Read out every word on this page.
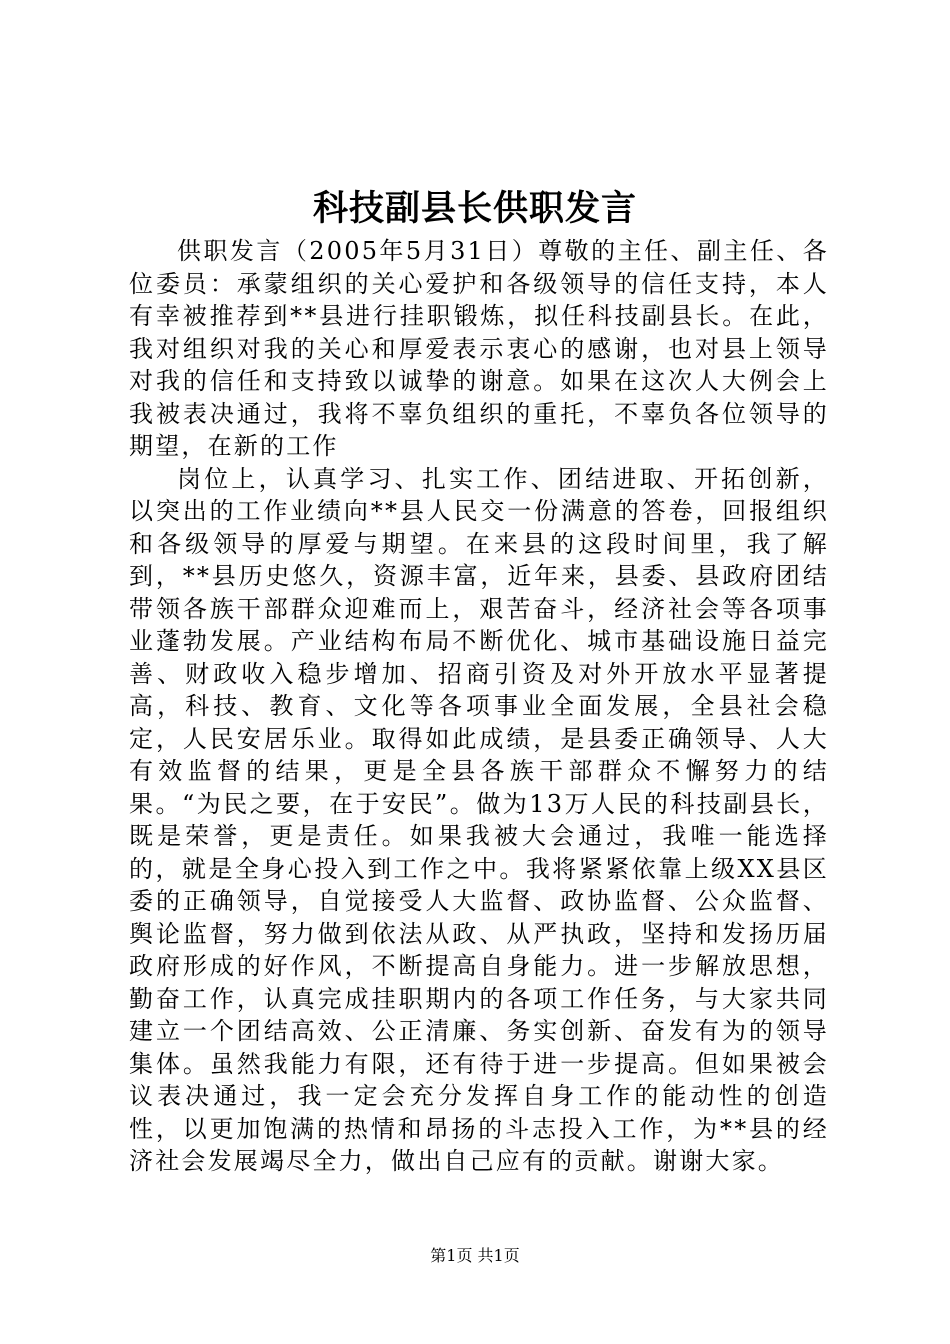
科技副县长供职发言

供职发言（2005年5月31日）尊敬的主任、副主任、各位委员：承蒙组织的关心爱护和各级领导的信任支持，本人有幸被推荐到**县进行挂职锻炼，拟任科技副县长。在此，我对组织对我的关心和厚爱表示衷心的感谢，也对县上领导对我的信任和支持致以诚挚的谢意。如果在这次人大例会上我被表决通过，我将不辜负组织的重托，不辜负各位领导的期望，在新的工作

岗位上，认真学习、扎实工作、团结进取、开拓创新，以突出的工作业绩向**县人民交一份满意的答卷，回报组织和各级领导的厚爱与期望。在来县的这段时间里，我了解到，**县历史悠久，资源丰富，近年来，县委、县政府团结带领各族干部群众迎难而上，艰苦奋斗，经济社会等各项事业蓬勃发展。产业结构布局不断优化、城市基础设施日益完善、财政收入稳步增加、招商引资及对外开放水平显著提高，科技、教育、文化等各项事业全面发展，全县社会稳定，人民安居乐业。取得如此成绩，是县委正确领导、人大有效监督的结果，更是全县各族干部群众不懈努力的结果。“为民之要，在于安民”。做为13万人民的科技副县长，既是荣誉，更是责任。如果我被大会通过，我唯一能选择的，就是全身心投入到工作之中。我将紧紧依靠上级XX县区委的正确领导，自觉接受人大监督、政协监督、公众监督、舆论监督，努力做到依法从政、从严执政，坚持和发扬历届政府形成的好作风，不断提高自身能力。进一步解放思想，勤奋工作，认真完成挂职期内的各项工作任务，与大家共同建立一个团结高效、公正清廉、务实创新、奋发有为的领导集体。虽然我能力有限，还有待于进一步提高。但如果被会议表决通过，我一定会充分发挥自身工作的能动性的创造性，以更加饱满的热情和昂扬的斗志投入工作，为**县的经济社会发展竭尽全力，做出自己应有的贡献。谢谢大家。

第1页 共1页
